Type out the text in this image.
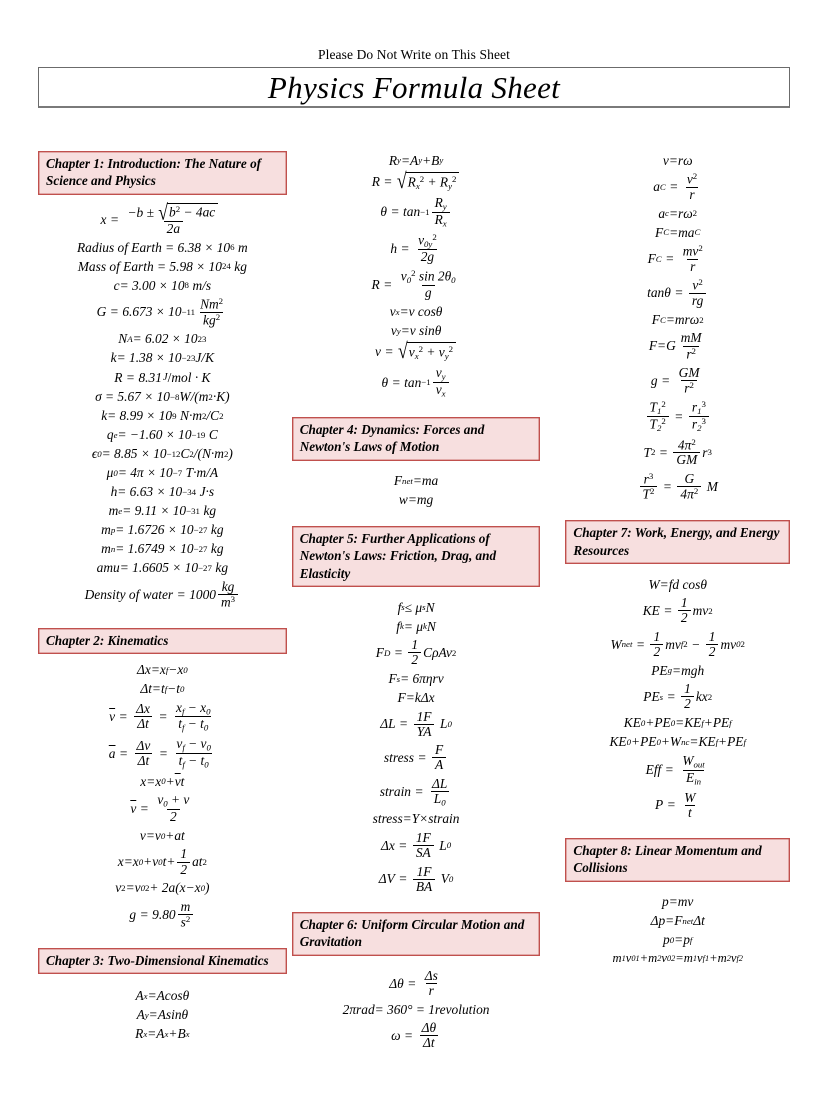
Please Do Not Write on This Sheet
Physics Formula Sheet
Chapter 1: Introduction: The Nature of Science and Physics
$x = \frac{-b \pm √ b^2 - 4ac}{2a}$
Radius of Earth = 6.38 × 10 6 m
Mass of Earth = 5.98 × 10 24 kg
c = 3.00 × 10 8 m/s
$G = 6.673 \times 10 -11 \frac{Nm^2}{kg^2}$
N A = 6.02 × 10 23
k = 1.38 × 10 −23 J / K
R = 8.31 J / mol · K
σ = 5.67 × 10 −8 W /( m 2 · K )
k = 8.99 × 10 9 N · m 2 / C 2
q e = −1.60 × 10 −19 C
ϵ 0 = 8.85 × 10 −12 C 2 /( N · m 2 )
μ 0 = 4π × 10 −7 T · m / A
h = 6.63 × 10 −34 J · s
m e = 9.11 × 10 −31 kg
m p = 1.6726 × 10 −27 kg
m n = 1.6749 × 10 −27 kg
amu = 1.6605 × 10 −27 kg
Density of water = $1000 \frac{kg}{m^3}$
Chapter 2: Kinematics
Δ x = x f − x 0
Δ t = t f − t 0
$\overline{v} = \frac{\Delta x}{\Delta t} = \frac{x_f - x_0}{t_f - t_0}$
$\overline{a} = \frac{\Delta v}{\Delta t} = \frac{v_f - v_0}{t_f - t_0}$
x = x $0 + \overline{v}$ t
$\overline{v} = \frac{v_0 + v}{2}$
v = v 0 + at
x = x 0 + v 0 $t + \frac{1}{2}$ at 2
v 2 = v 0 2 + 2 a ( x − x 0 )
$g = 9.80 \frac{m}{s^2}$
Chapter 3: Two-Dimensional Kinematics
A x = A cos θ
A y = A sin θ
R x = A x + B x
R y = A y + B y
R = √ $R_x^2 + R_y^2$
$\theta = \tan -1 \frac{R_y}{R_x}$
$h = \frac{v_{0y}^2}{2g}$
$R = \frac{v_0^2 \sin 2\theta_0}{g}$
v x = v cos θ
v y = v sin θ
v = √ $v_x^2 + v_y^2$
$\theta = \tan -1 \frac{v_y}{v_x}$
Chapter 4: Dynamics: Forces and Newton's Laws of Motion
F net = ma
w = mg
Chapter 5: Further Applications of Newton's Laws: Friction, Drag, and Elasticity
f s ≤ μ s N
f k = μ k N
F $D = \frac{1}{2}$ C ρ Av 2
F s = 6πη rv
F = k Δ x
Δ $L = \frac{1F}{YA}$ L 0
stress = $\frac{F}{A}$
strain = $\frac{\Delta L}{L_0}$
stress = Y × strain
Δ $x = \frac{1F}{SA}$ L 0
Δ $V = \frac{1F}{BA}$ V 0
Chapter 6: Uniform Circular Motion and Gravitation
$\Delta\theta = \frac{\Delta s}{r}$
2π rad = 360° = 1 revolution
$\omega = \frac{\Delta\theta}{\Delta t}$
v = r ω
a $C = \frac{v^2}{r}$
a c = r ω 2
F C = ma C
F $C = \frac{mv^2}{r}$
$\tan \theta = \frac{v^2}{rg}$
F C = mr ω 2
F = G $\frac{mM}{r^2}$
$g = \frac{GM}{r^2}$
$\frac{T_1^2}{T_2^2} = \frac{r_1^3}{r_2^3}$
T $2 = \frac{4\pi^2}{GM}$ r 3
$\frac{r^3}{T^2} = \frac{G}{4\pi^2}$ M
Chapter 7: Work, Energy, and Energy Resources
W = fd cos θ
KE = $\frac{1}{2}$ mv 2
W net = $\frac{1}{2}$ mv f $2 - \frac{1}{2}$ mv 0 2
PE g = mgh
PE $s = \frac{1}{2}$ kx 2
KE 0 + PE 0 = KE f + PE f
KE 0 + PE 0 + W nc = KE f + PE f
Eff = $\frac{W_{out}}{E_{in}}$
$P = \frac{W}{t}$
Chapter 8: Linear Momentum and Collisions
p = mv
Δ p = F net Δ t
p 0 = p f
m 1 v 01 + m 2 v 02 = m 1 v f1 + m 2 v f2
